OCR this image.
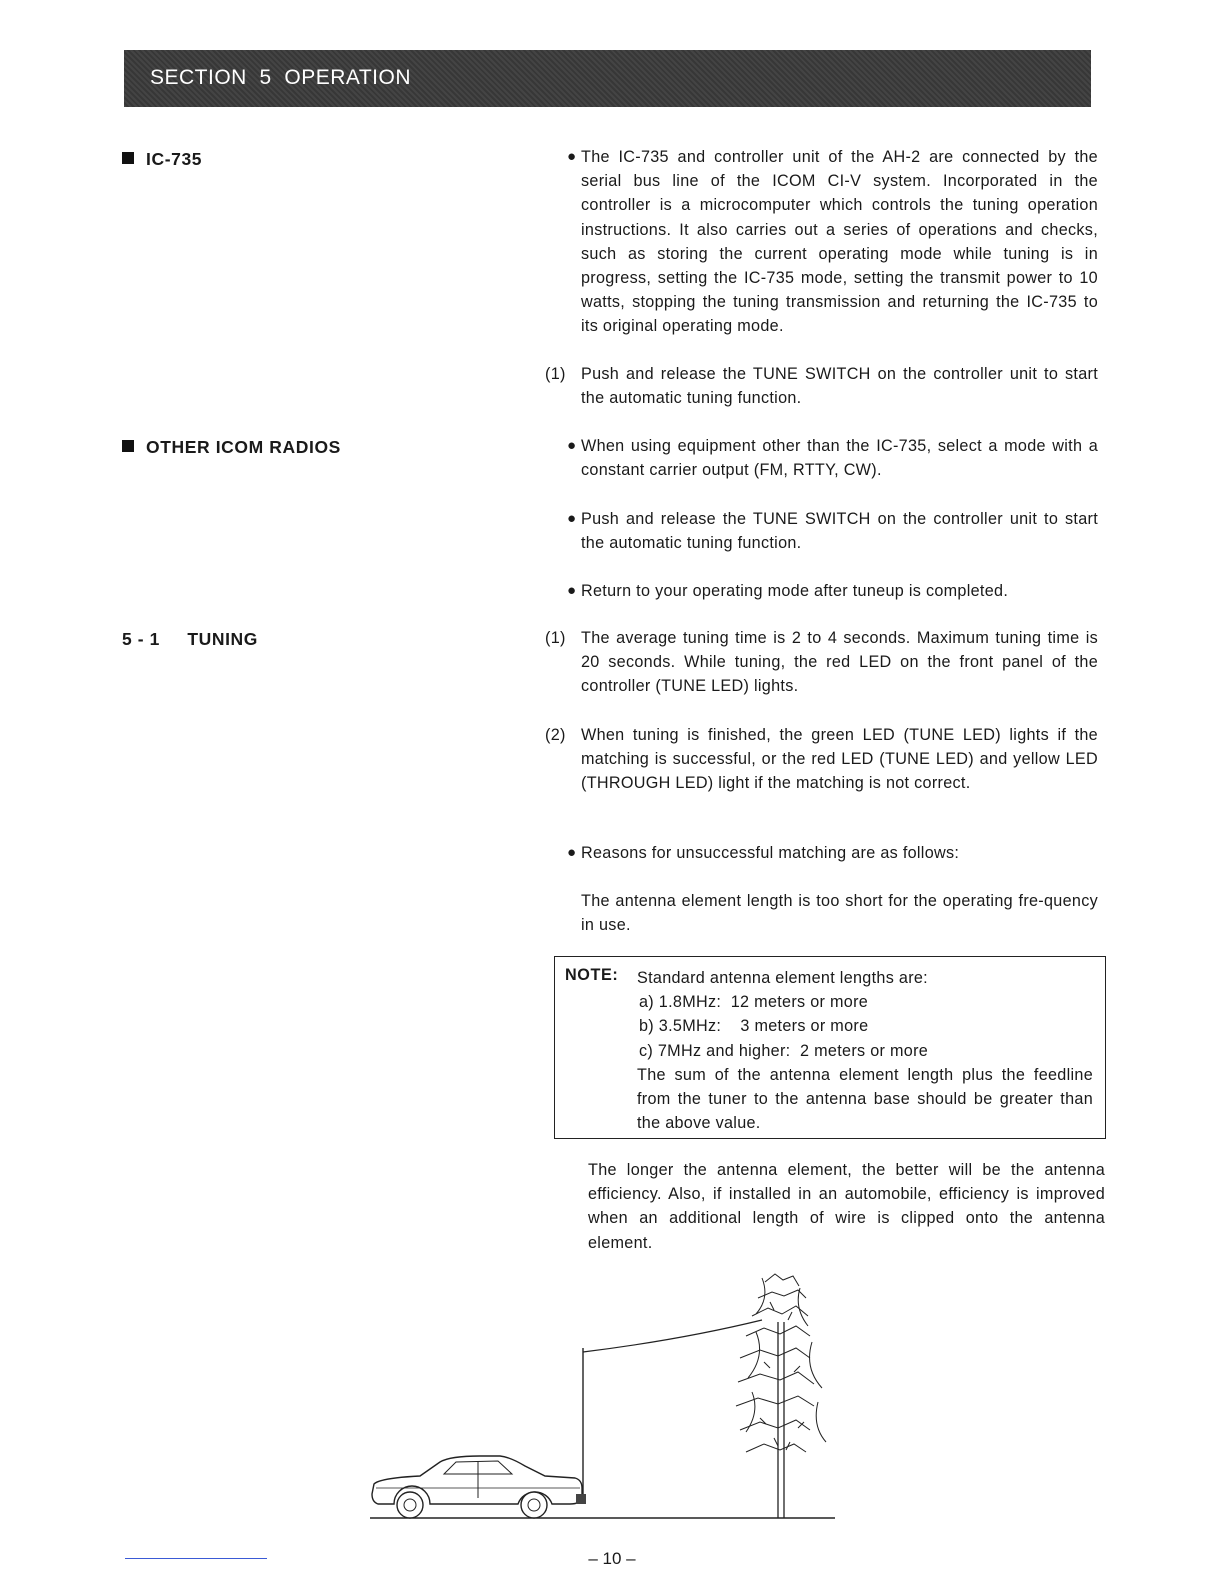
SECTION  5  OPERATION
IC-735
OTHER ICOM RADIOS
5 - 1     TUNING
● The IC-735 and controller unit of the AH-2 are connected by the serial bus line of the ICOM CI-V system. Incorporated in the controller is a microcomputer which controls the tuning operation instructions. It also carries out a series of operations and checks, such as storing the current operating mode while tuning is in progress, setting the IC-735 mode, setting the transmit power to 10 watts, stopping the tuning transmission and returning the IC-735 to its original operating mode.
(1) Push and release the TUNE SWITCH on the controller unit to start the automatic tuning function.
● When using equipment other than the IC-735, select a mode with a constant carrier output (FM, RTTY, CW).
● Push and release the TUNE SWITCH on the controller unit to start the automatic tuning function.
● Return to your operating mode after tuneup is completed.
(1) The average tuning time is 2 to 4 seconds. Maximum tuning time is 20 seconds. While tuning, the red LED on the front panel of the controller (TUNE LED) lights.
(2) When tuning is finished, the green LED (TUNE LED) lights if the matching is successful, or the red LED (TUNE LED) and yellow LED (THROUGH LED) light if the matching is not correct.
● Reasons for unsuccessful matching are as follows:
The antenna element length is too short for the operating fre-quency in use.
NOTE: Standard antenna element lengths are:
a) 1.8MHz:  12 meters or more
b) 3.5MHz:    3 meters or more
c) 7MHz and higher:  2 meters or more
The sum of the antenna element length plus the feedline from the tuner to the antenna base should be greater than the above value.
The longer the antenna element, the better will be the antenna efficiency. Also, if installed in an automobile, efficiency is improved when an additional length of wire is clipped onto the antenna element.
– 10 –
